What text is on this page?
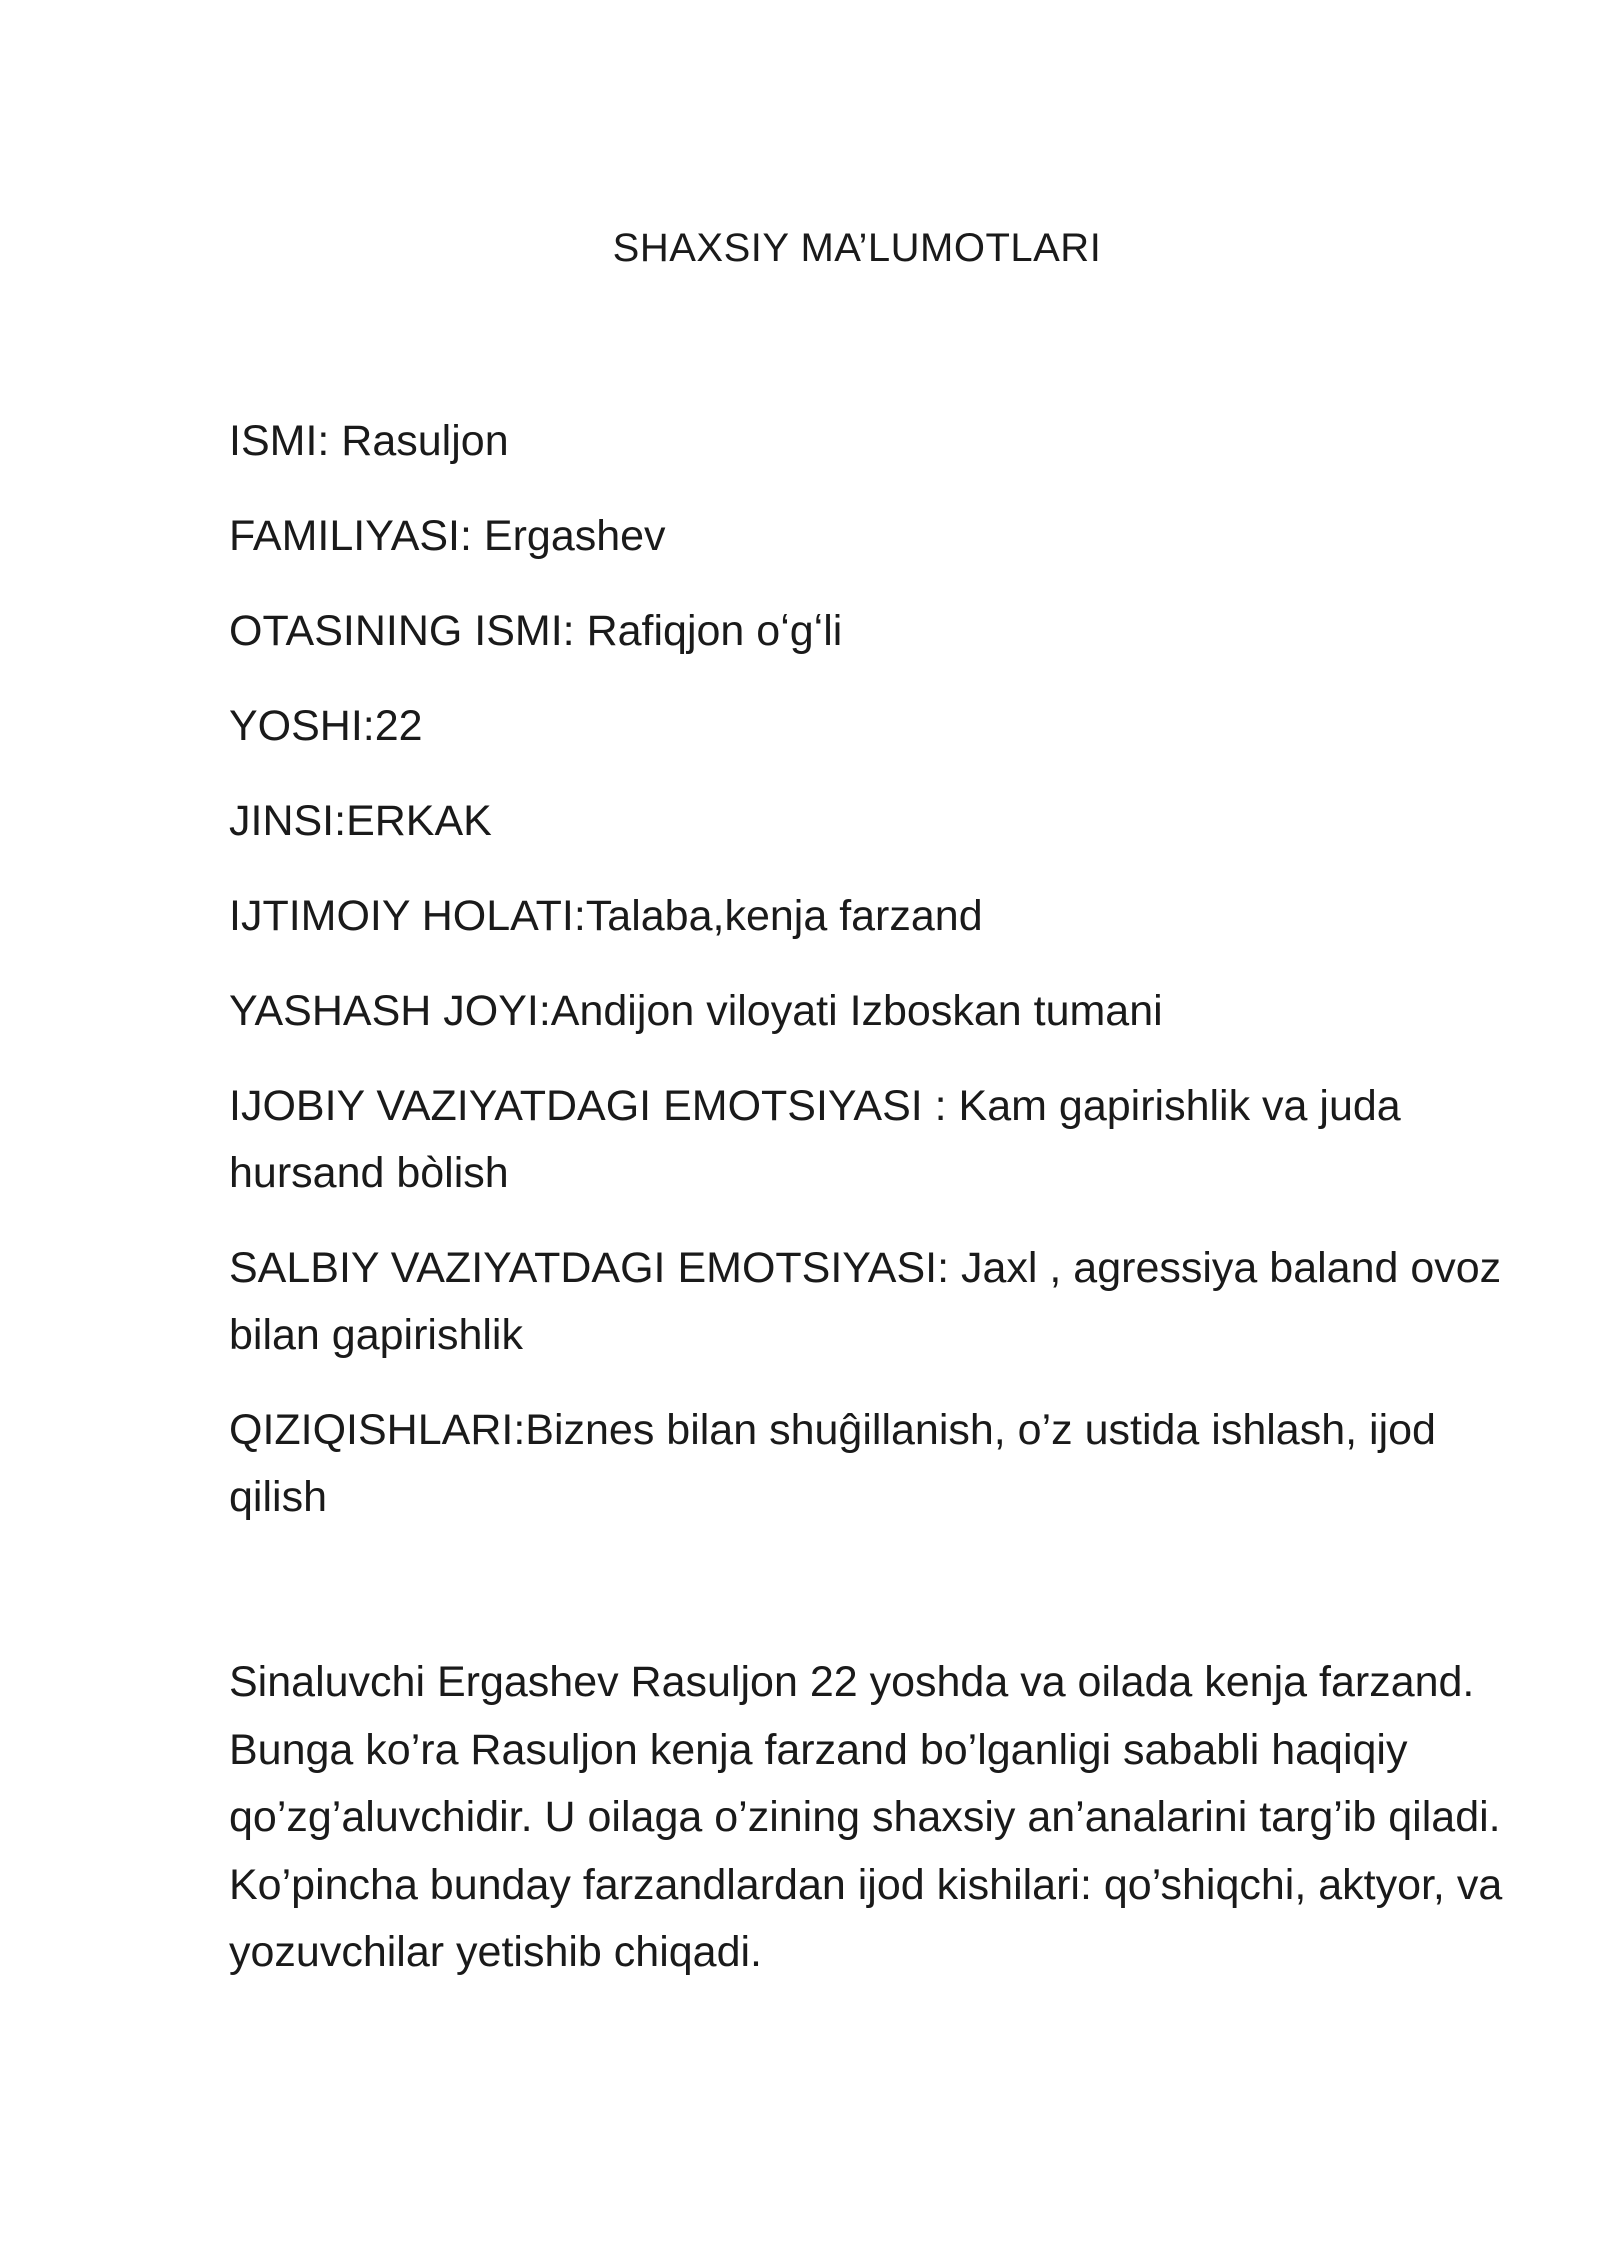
SHAXSIY MA’LUMOTLARI
ISMI: Rasuljon
FAMILIYASI: Ergashev
OTASINING ISMI: Rafiqjon oʻgʻli
YOSHI:22
JINSI:ERKAK
IJTIMOIY HOLATI:Talaba,kenja farzand
YASHASH JOYI:Andijon viloyati Izboskan tumani
IJOBIY VAZIYATDAGI EMOTSIYASI : Kam gapirishlik va juda hursand bòlish
SALBIY VAZIYATDAGI EMOTSIYASI: Jaxl , agressiya baland ovoz bilan gapirishlik
QIZIQISHLARI:Biznes bilan shuĝillanish, o’z ustida ishlash, ijod qilish
Sinaluvchi Ergashev Rasuljon 22 yoshda va oilada kenja farzand. Bunga ko’ra Rasuljon kenja farzand bo’lganligi sababli haqiqiy qo’zg’aluvchidir. U oilaga o’zining shaxsiy an’analarini targ’ib qiladi. Ko’pincha bunday farzandlardan ijod kishilari: qo’shiqchi, aktyor, va yozuvchilar yetishib chiqadi.
